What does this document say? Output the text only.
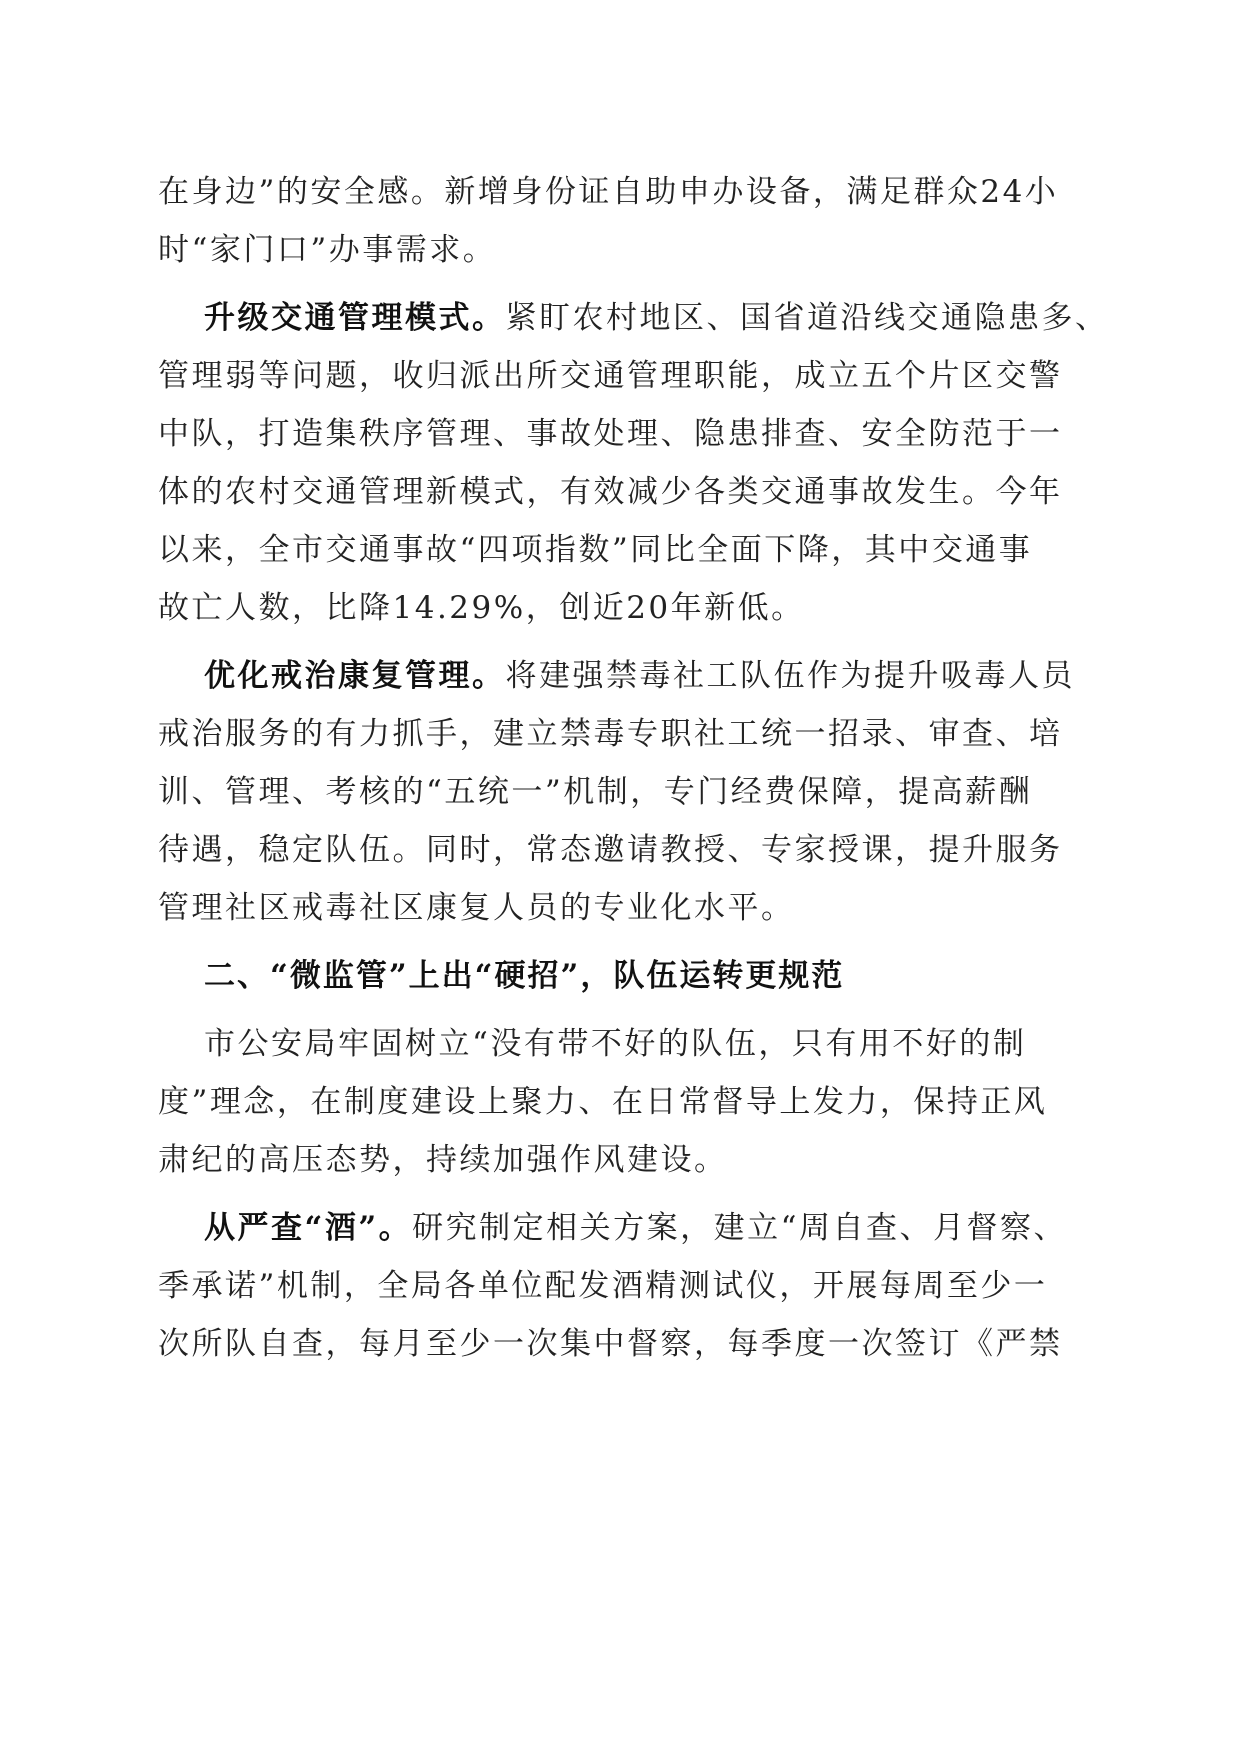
在身边”的安全感。新增身份证自助申办设备，满足群众24小
时“家门口”办事需求。
升级交通管理模式。紧盯农村地区、国省道沿线交通隐患多、
管理弱等问题，收归派出所交通管理职能，成立五个片区交警
中队，打造集秩序管理、事故处理、隐患排查、安全防范于一
体的农村交通管理新模式，有效减少各类交通事故发生。今年
以来，全市交通事故“四项指数”同比全面下降，其中交通事
故亡人数，比降14.29%，创近20年新低。
优化戒治康复管理。将建强禁毒社工队伍作为提升吸毒人员
戒治服务的有力抓手，建立禁毒专职社工统一招录、审查、培
训、管理、考核的“五统一”机制，专门经费保障，提高薪酬
待遇，稳定队伍。同时，常态邀请教授、专家授课，提升服务
管理社区戒毒社区康复人员的专业化水平。
二、“微监管”上出“硬招”，队伍运转更规范
市公安局牢固树立“没有带不好的队伍，只有用不好的制
度”理念，在制度建设上聚力、在日常督导上发力，保持正风
肃纪的高压态势，持续加强作风建设。
从严查“酒”。研究制定相关方案，建立“周自查、月督察、
季承诺”机制，全局各单位配发酒精测试仪，开展每周至少一
次所队自查，每月至少一次集中督察，每季度一次签订《严禁
